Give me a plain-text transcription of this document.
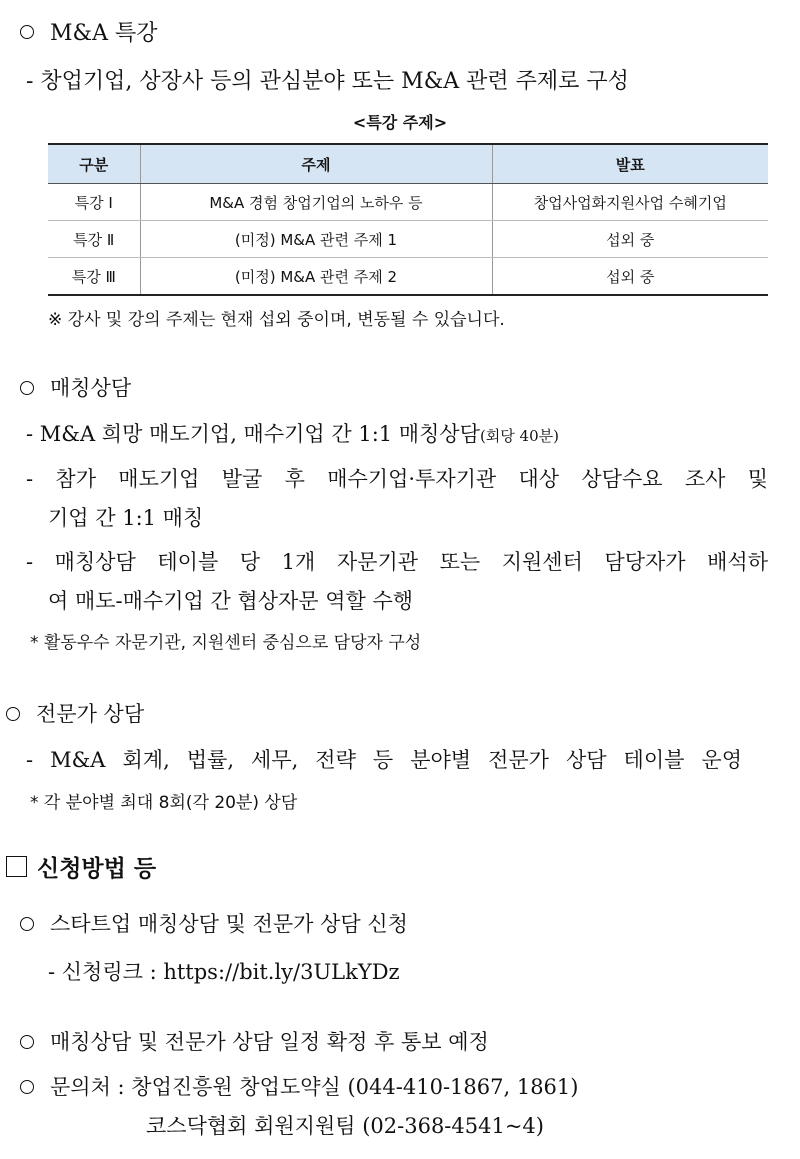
M&A 특강
- 창업기업, 상장사 등의 관심분야 또는 M&A 관련 주제로 구성
<특강 주제>
구분	주제	발표
특강 Ⅰ	M&A 경험 창업기업의 노하우 등	창업사업화지원사업 수혜기업
특강 Ⅱ	(미정) M&A 관련 주제 1	섭외 중
특강 Ⅲ	(미정) M&A 관련 주제 2	섭외 중
※ 강사 및 강의 주제는 현재 섭외 중이며, 변동될 수 있습니다.
매칭상담
- M&A 희망 매도기업, 매수기업 간 1:1 매칭상담(회당 40분)
- 참가 매도기업 발굴 후 매수기업·투자기관 대상 상담수요 조사 및
기업 간 1:1 매칭
- 매칭상담 테이블 당 1개 자문기관 또는 지원센터 담당자가 배석하
여 매도-매수기업 간 협상자문 역할 수행
* 활동우수 자문기관, 지원센터 중심으로 담당자 구성
전문가 상담
- M&A 회계, 법률, 세무, 전략 등 분야별 전문가 상담 테이블 운영
* 각 분야별 최대 8회(각 20분) 상담
신청방법 등
스타트업 매칭상담 및 전문가 상담 신청
- 신청링크 : https://bit.ly/3ULkYDz
매칭상담 및 전문가 상담 일정 확정 후 통보 예정
문의처 : 창업진흥원 창업도약실 (044-410-1867, 1861)
코스닥협회 회원지원팀 (02-368-4541~4)
